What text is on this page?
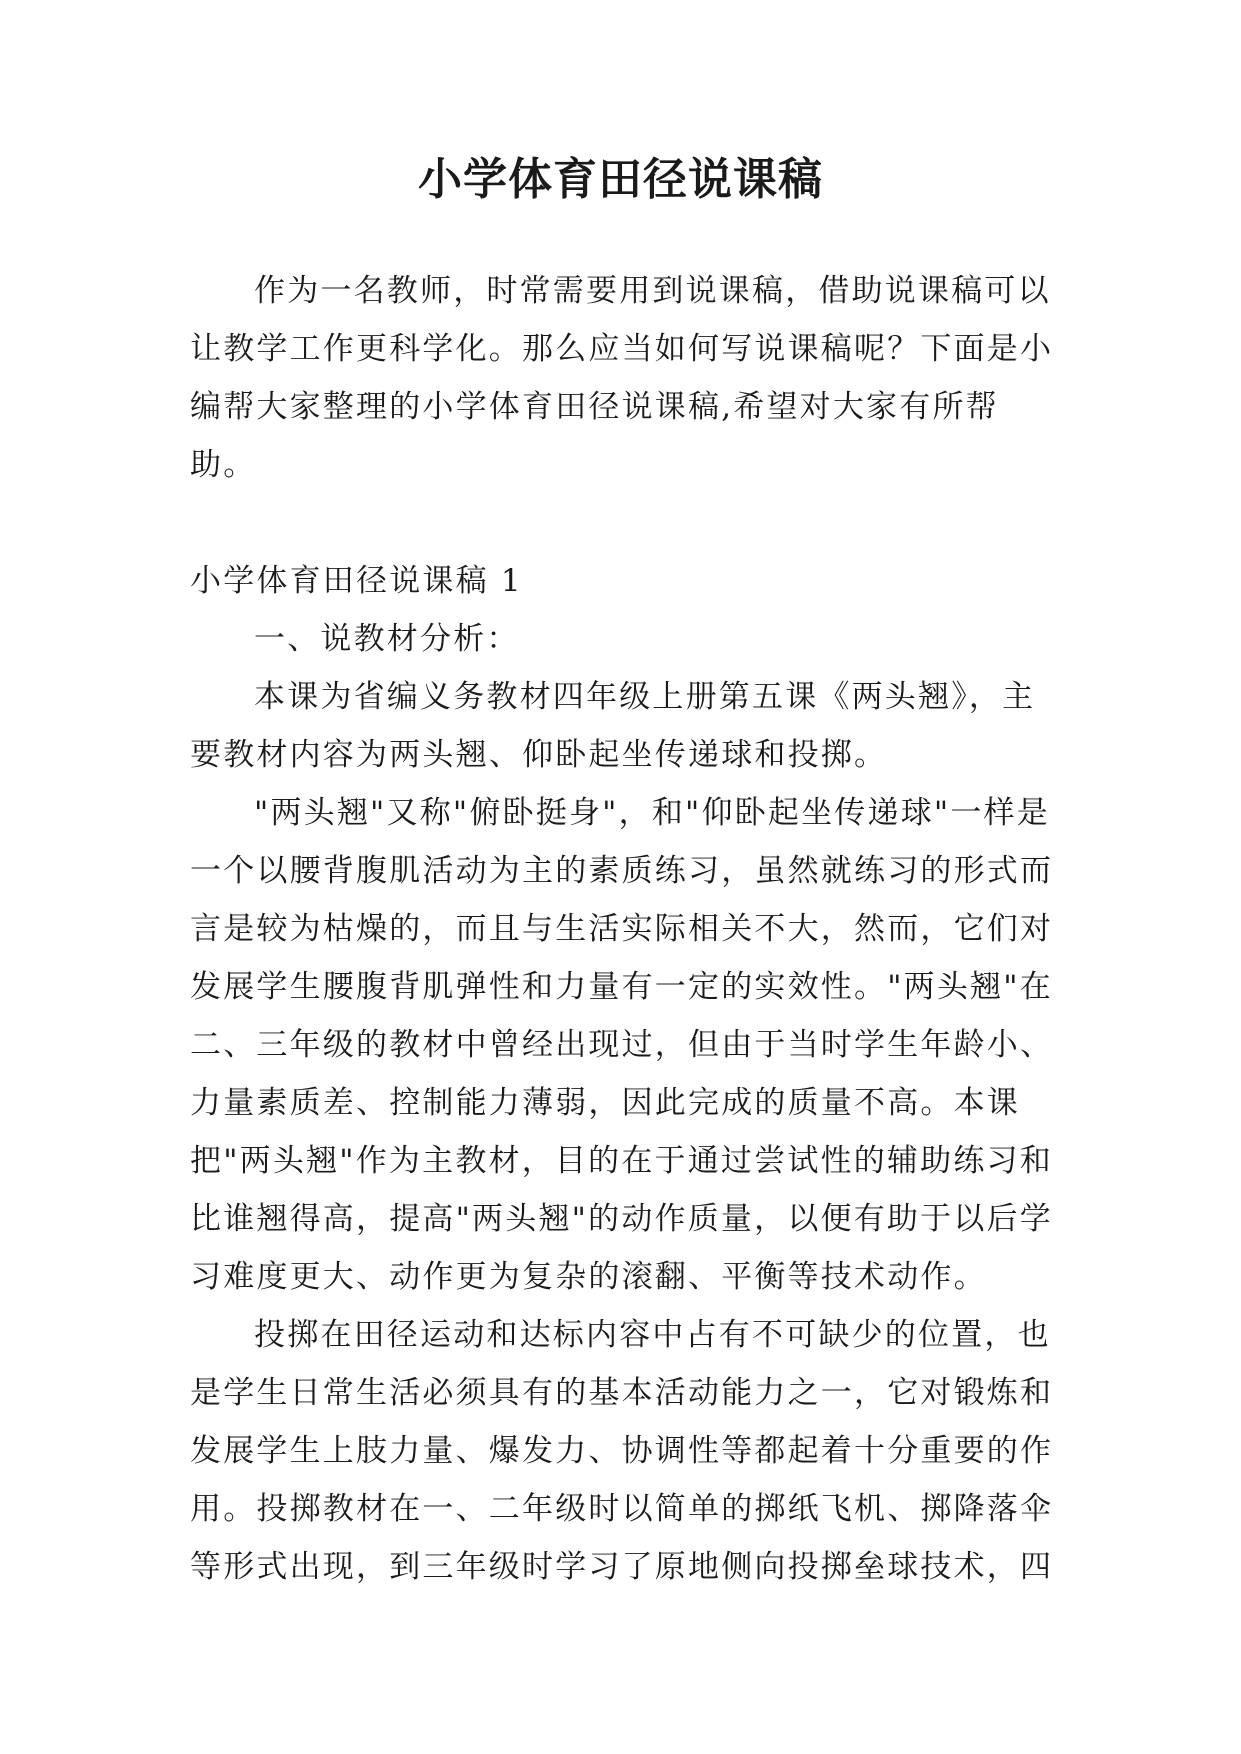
小学体育田径说课稿

作为一名教师，时常需要用到说课稿，借助说课稿可以让教学工作更科学化。那么应当如何写说课稿呢？下面是小编帮大家整理的小学体育田径说课稿,希望对大家有所帮助。

小学体育田径说课稿 1

一、说教材分析：

本课为省编义务教材四年级上册第五课《两头翘》，主要教材内容为两头翘、仰卧起坐传递球和投掷。

"两头翘"又称"俯卧挺身"，和"仰卧起坐传递球"一样是一个以腰背腹肌活动为主的素质练习，虽然就练习的形式而言是较为枯燥的，而且与生活实际相关不大，然而，它们对发展学生腰腹背肌弹性和力量有一定的实效性。"两头翘"在二、三年级的教材中曾经出现过，但由于当时学生年龄小、力量素质差、控制能力薄弱，因此完成的质量不高。本课把"两头翘"作为主教材，目的在于通过尝试性的辅助练习和比谁翘得高，提高"两头翘"的动作质量，以便有助于以后学习难度更大、动作更为复杂的滚翻、平衡等技术动作。

投掷在田径运动和达标内容中占有不可缺少的位置，也是学生日常生活必须具有的基本活动能力之一，它对锻炼和发展学生上肢力量、爆发力、协调性等都起着十分重要的作用。投掷教材在一、二年级时以简单的掷纸飞机、掷降落伞等形式出现，到三年级时学习了原地侧向投掷垒球技术，四
